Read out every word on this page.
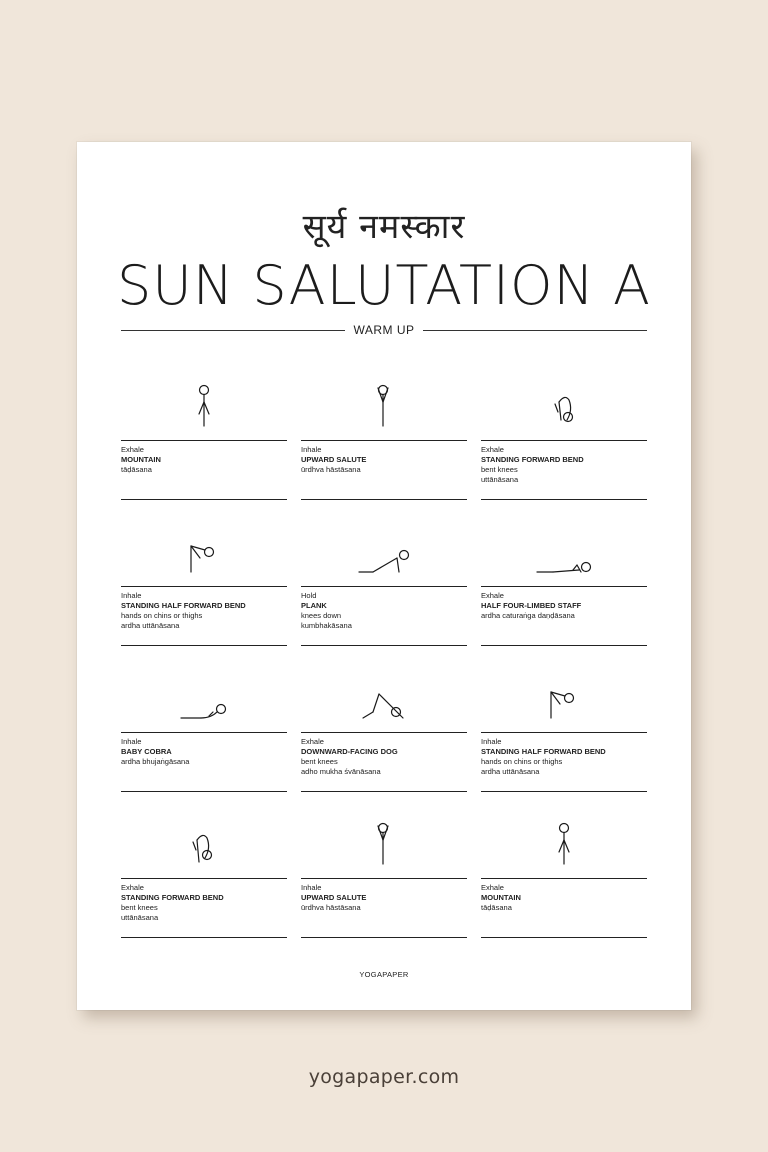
सूर्य नमस्कार
SUN SALUTATION A
WARM UP
Exhale
MOUNTAIN
tāḍāsana
Inhale
UPWARD SALUTE
ūrdhva hāstāsana
Exhale
STANDING FORWARD BEND
bent knees
uttānāsana
Inhale
STANDING HALF FORWARD BEND
hands on chins or thighs
ardha uttānāsana
Hold
PLANK
knees down
kumbhakāsana
Exhale
HALF FOUR-LIMBED STAFF
ardha caturaṅga daṇḍāsana
Inhale
BABY COBRA
ardha bhujaṅgāsana
Exhale
DOWNWARD-FACING DOG
bent knees
adho mukha śvānāsana
Inhale
STANDING HALF FORWARD BEND
hands on chins or thighs
ardha uttānāsana
Exhale
STANDING FORWARD BEND
bent knees
uttānāsana
Inhale
UPWARD SALUTE
ūrdhva hāstāsana
Exhale
MOUNTAIN
tāḍāsana
YOGAPAPER
yogapaper.com
